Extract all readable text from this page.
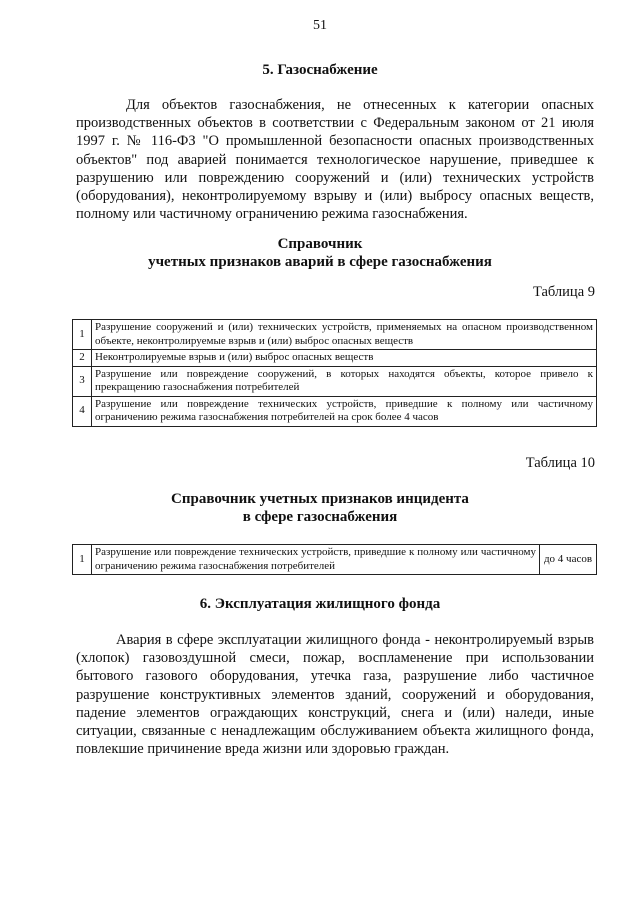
51
5. Газоснабжение

Для объектов газоснабжения, не отнесенных к категории опасных производственных объектов в соответствии с Федеральным законом от 21 июля 1997 г. № 116-ФЗ "О промышленной безопасности опасных производственных объектов" под аварией понимается технологическое нарушение, приведшее к разрушению или повреждению сооружений и (или) технических устройств (оборудования), неконтролируемому взрыву и (или) выбросу опасных веществ, полному или частичному ограничению режима газоснабжения.

Справочник
учетных признаков аварий в сфере газоснабжения
Таблица 9
1	Разрушение сооружений и (или) технических устройств, применяемых на опасном производственном объекте, неконтролируемые взрыв и (или) выброс опасных веществ
2	Неконтролируемые взрыв и (или) выброс опасных веществ
3	Разрушение или повреждение сооружений, в которых находятся объекты, которое привело к прекращению газоснабжения потребителей
4	Разрушение или повреждение технических устройств, приведшие к полному или частичному ограничению режима газоснабжения потребителей на срок более 4 часов
Таблица 10
Справочник учетных признаков инцидента
в сфере газоснабжения
1	Разрушение или повреждение технических устройств, приведшие к полному или частичному ограничению режима газоснабжения потребителей	до 4 часов
6. Эксплуатация жилищного фонда

Авария в сфере эксплуатации жилищного фонда - неконтролируемый взрыв (хлопок) газовоздушной смеси, пожар, воспламенение при использовании бытового газового оборудования, утечка газа, разрушение либо частичное разрушение конструктивных элементов зданий, сооружений и оборудования, падение элементов ограждающих конструкций, снега и (или) наледи, иные ситуации, связанные с ненадлежащим обслуживанием объекта жилищного фонда, повлекшие причинение вреда жизни или здоровью граждан.
